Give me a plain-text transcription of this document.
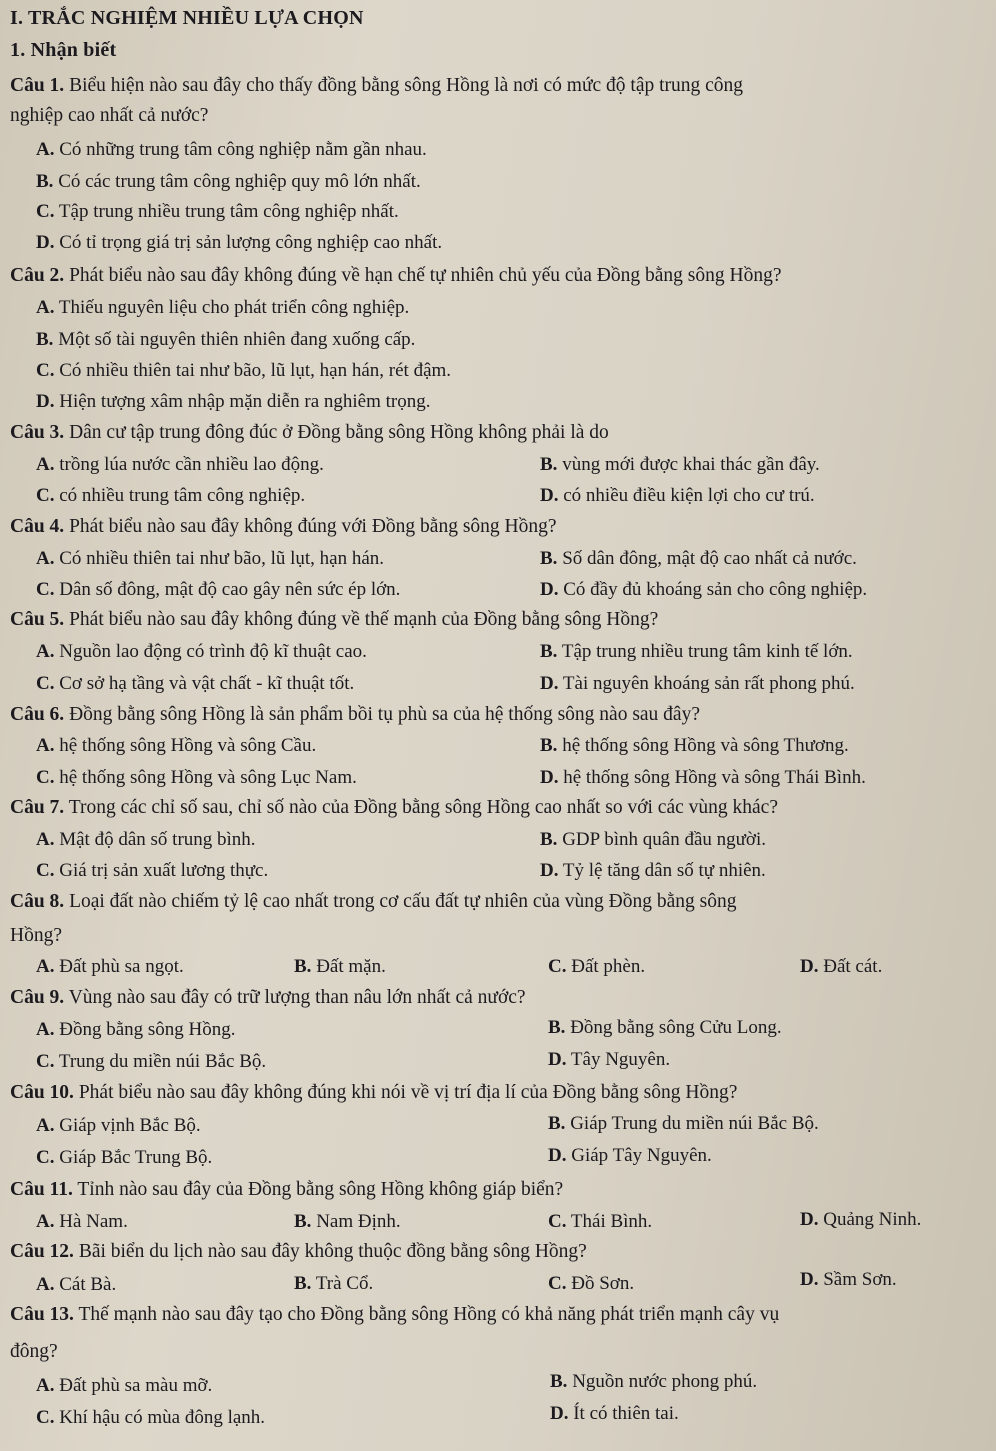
I. TRẮC NGHIỆM NHIỀU LỰA CHỌN
1. Nhận biết
Câu 1. Biểu hiện nào sau đây cho thấy đồng bằng sông Hồng là nơi có mức độ tập trung công
nghiệp cao nhất cả nước?
A. Có những trung tâm công nghiệp nằm gần nhau.
B. Có các trung tâm công nghiệp quy mô lớn nhất.
C. Tập trung nhiều trung tâm công nghiệp nhất.
D. Có tỉ trọng giá trị sản lượng công nghiệp cao nhất.
Câu 2. Phát biểu nào sau đây không đúng về hạn chế tự nhiên chủ yếu của Đồng bằng sông Hồng?
A. Thiếu nguyên liệu cho phát triển công nghiệp.
B. Một số tài nguyên thiên nhiên đang xuống cấp.
C. Có nhiều thiên tai như bão, lũ lụt, hạn hán, rét đậm.
D. Hiện tượng xâm nhập mặn diễn ra nghiêm trọng.
Câu 3. Dân cư tập trung đông đúc ở Đồng bằng sông Hồng không phải là do
A. trồng lúa nước cần nhiều lao động.	B. vùng mới được khai thác gần đây.
C. có nhiều trung tâm công nghiệp.	D. có nhiều điều kiện lợi cho cư trú.
Câu 4. Phát biểu nào sau đây không đúng với Đồng bằng sông Hồng?
A. Có nhiều thiên tai như bão, lũ lụt, hạn hán.	B. Số dân đông, mật độ cao nhất cả nước.
C. Dân số đông, mật độ cao gây nên sức ép lớn.	D. Có đầy đủ khoáng sản cho công nghiệp.
Câu 5. Phát biểu nào sau đây không đúng về thế mạnh của Đồng bằng sông Hồng?
A. Nguồn lao động có trình độ kĩ thuật cao.	B. Tập trung nhiều trung tâm kinh tế lớn.
C. Cơ sở hạ tầng và vật chất - kĩ thuật tốt.	D. Tài nguyên khoáng sản rất phong phú.
Câu 6. Đồng bằng sông Hồng là sản phẩm bồi tụ phù sa của hệ thống sông nào sau đây?
A. hệ thống sông Hồng và sông Cầu.	B. hệ thống sông Hồng và sông Thương.
C. hệ thống sông Hồng và sông Lục Nam.	D. hệ thống sông Hồng và sông Thái Bình.
Câu 7. Trong các chỉ số sau, chỉ số nào của Đồng bằng sông Hồng cao nhất so với các vùng khác?
A. Mật độ dân số trung bình.	B. GDP bình quân đầu người.
C. Giá trị sản xuất lương thực.	D. Tỷ lệ tăng dân số tự nhiên.
Câu 8. Loại đất nào chiếm tỷ lệ cao nhất trong cơ cấu đất tự nhiên của vùng Đồng bằng sông
Hồng?
A. Đất phù sa ngọt.	B. Đất mặn.	C. Đất phèn.	D. Đất cát.
Câu 9. Vùng nào sau đây có trữ lượng than nâu lớn nhất cả nước?
A. Đồng bằng sông Hồng.	B. Đồng bằng sông Cửu Long.
C. Trung du miền núi Bắc Bộ.	D. Tây Nguyên.
Câu 10. Phát biểu nào sau đây không đúng khi nói về vị trí địa lí của Đồng bằng sông Hồng?
A. Giáp vịnh Bắc Bộ.	B. Giáp Trung du miền núi Bắc Bộ.
C. Giáp Bắc Trung Bộ.	D. Giáp Tây Nguyên.
Câu 11. Tỉnh nào sau đây của Đồng bằng sông Hồng không giáp biển?
A. Hà Nam.	B. Nam Định.	C. Thái Bình.	D. Quảng Ninh.
Câu 12. Bãi biển du lịch nào sau đây không thuộc đồng bằng sông Hồng?
A. Cát Bà.	B. Trà Cổ.	C. Đồ Sơn.	D. Sầm Sơn.
Câu 13. Thế mạnh nào sau đây tạo cho Đồng bằng sông Hồng có khả năng phát triển mạnh cây vụ
đông?
A. Đất phù sa màu mỡ.	B. Nguồn nước phong phú.
C. Khí hậu có mùa đông lạnh.	D. Ít có thiên tai.
